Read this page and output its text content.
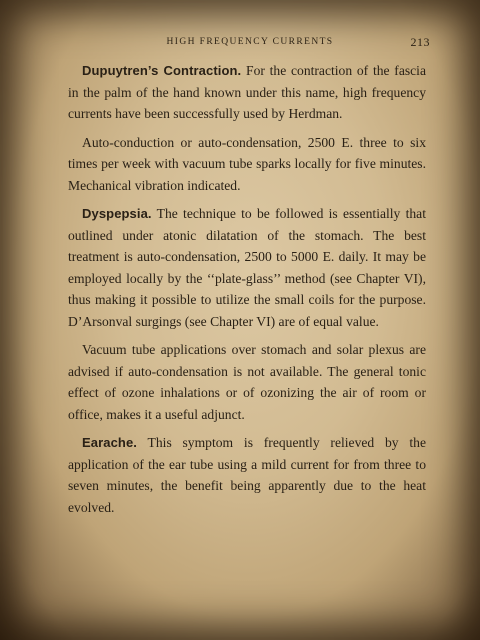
HIGH FREQUENCY CURRENTS	213

Dupuytren’s Contraction. For the contraction of the fascia in the palm of the hand known under this name, high frequency currents have been successfully used by Herdman.

Auto-conduction or auto-condensation, 2500 E. three to six times per week with vacuum tube sparks locally for five minutes. Mechanical vibration indicated.

Dyspepsia. The technique to be followed is essentially that outlined under atonic dilatation of the stomach. The best treatment is auto-condensation, 2500 to 5000 E. daily. It may be employed locally by the ‘‘plate-glass’’ method (see Chapter VI), thus making it possible to utilize the small coils for the purpose. D’Arsonval surgings (see Chapter VI) are of equal value.

Vacuum tube applications over stomach and solar plexus are advised if auto-condensation is not available. The general tonic effect of ozone inhalations or of ozonizing the air of room or office, makes it a useful adjunct.

Earache. This symptom is frequently relieved by the application of the ear tube using a mild current for from three to seven minutes, the benefit being apparently due to the heat evolved.
